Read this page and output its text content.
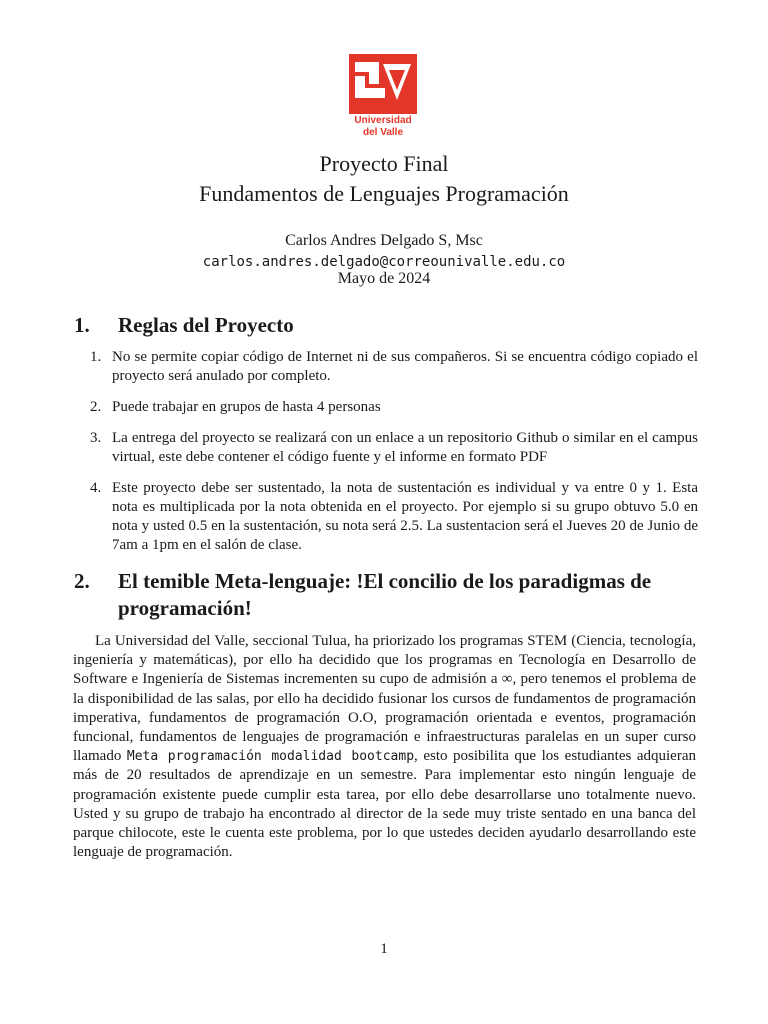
Universidad
del Valle
Proyecto Final
Fundamentos de Lenguajes Programación
Carlos Andres Delgado S, Msc
carlos.andres.delgado@correounivalle.edu.co
Mayo de 2024
1. Reglas del Proyecto
1. No se permite copiar código de Internet ni de sus compañeros. Si se encuentra código copiado el proyecto será anulado por completo.
2. Puede trabajar en grupos de hasta 4 personas
3. La entrega del proyecto se realizará con un enlace a un repositorio Github o similar en el campus virtual, este debe contener el código fuente y el informe en formato PDF
4. Este proyecto debe ser sustentado, la nota de sustentación es individual y va entre 0 y 1. Esta nota es multiplicada por la nota obtenida en el proyecto. Por ejemplo si su grupo obtuvo 5.0 en nota y usted 0.5 en la sustentación, su nota será 2.5. La sustentacion será el Jueves 20 de Junio de 7am a 1pm en el salón de clase.
2. El temible Meta-lenguaje: !El concilio de los paradigmas de programación!

La Universidad del Valle, seccional Tulua, ha priorizado los programas STEM (Ciencia, tecnología, ingeniería y matemáticas), por ello ha decidido que los programas en Tecnología en Desarrollo de Software e Ingeniería de Sistemas incrementen su cupo de admisión a ∞, pero tenemos el problema de la disponibilidad de las salas, por ello ha decidido fusionar los cursos de fundamentos de programación imperativa, fundamentos de programación O.O, programación orientada e eventos, programación funcional, fundamentos de lenguajes de programación e infraestructuras paralelas en un super curso llamado Meta programación modalidad bootcamp, esto posibilita que los estudiantes adquieran más de 20 resultados de aprendizaje en un semestre. Para implementar esto ningún lenguaje de programación existente puede cumplir esta tarea, por ello debe desarrollarse uno totalmente nuevo. Usted y su grupo de trabajo ha encontrado al director de la sede muy triste sentado en una banca del parque chilocote, este le cuenta este problema, por lo que ustedes deciden ayudarlo desarrollando este lenguaje de programación.

1
